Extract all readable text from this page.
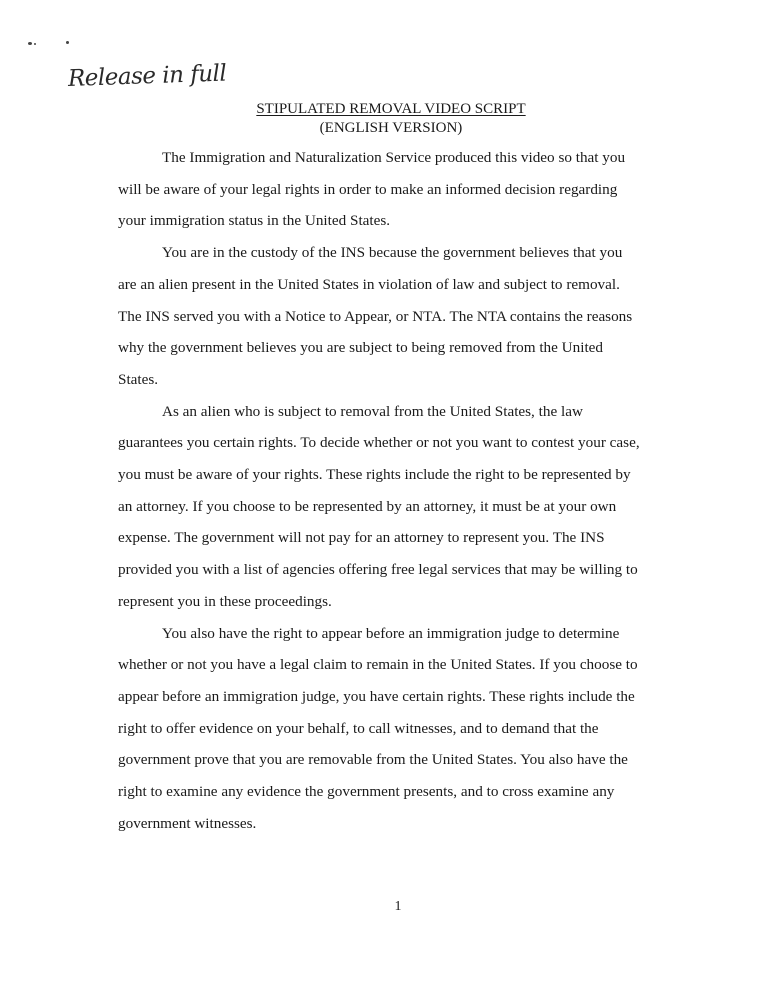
Release in full
STIPULATED REMOVAL VIDEO SCRIPT
(ENGLISH VERSION)

The Immigration and Naturalization Service produced this video so that you will be aware of your legal rights in order to make an informed decision regarding your immigration status in the United States.

You are in the custody of the INS because the government believes that you are an alien present in the United States in violation of law and subject to removal. The INS served you with a Notice to Appear, or NTA. The NTA contains the reasons why the government believes you are subject to being removed from the United States.

As an alien who is subject to removal from the United States, the law guarantees you certain rights. To decide whether or not you want to contest your case, you must be aware of your rights. These rights include the right to be represented by an attorney. If you choose to be represented by an attorney, it must be at your own expense. The government will not pay for an attorney to represent you. The INS provided you with a list of agencies offering free legal services that may be willing to represent you in these proceedings.

You also have the right to appear before an immigration judge to determine whether or not you have a legal claim to remain in the United States. If you choose to appear before an immigration judge, you have certain rights. These rights include the right to offer evidence on your behalf, to call witnesses, and to demand that the government prove that you are removable from the United States. You also have the right to examine any evidence the government presents, and to cross examine any government witnesses.

1
